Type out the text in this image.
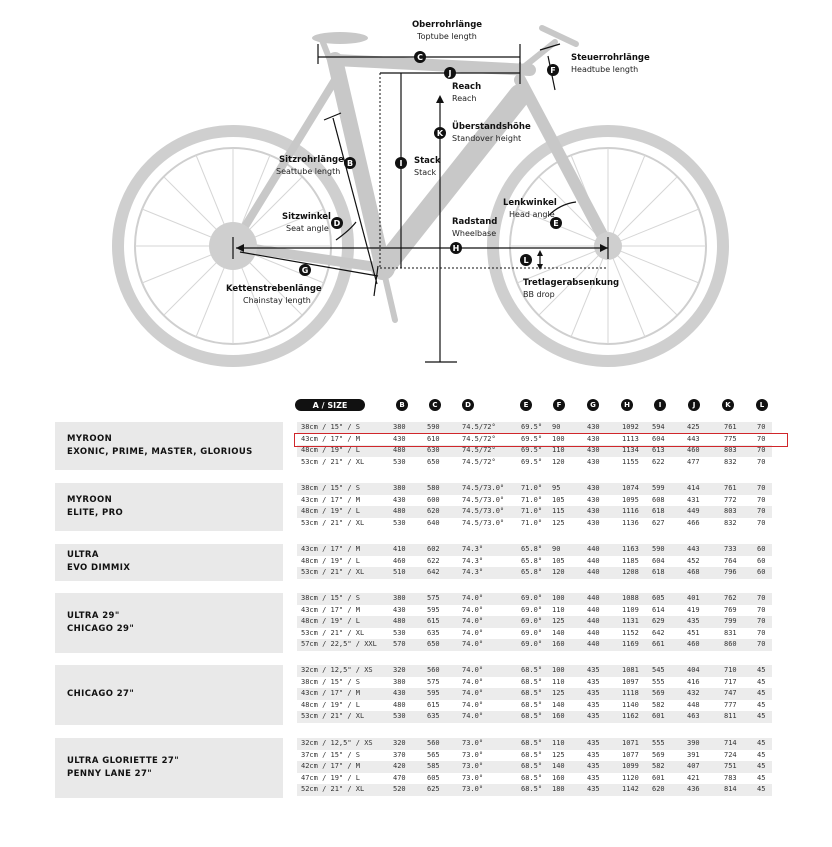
C
J	F
K
B	I
D	E
H
G
L
Oberrohrlänge
Toptube length
Steuerrohrlänge
Headtube length
Reach
Reach
Überstandshöhe
Standover height
Sitzrohrlänge
Seattube length
Stack
Stack
Lenkwinkel
Head angle
Sitzwinkel
Seat angle
Radstand
Wheelbase
Tretlagerabsenkung
BB drop
Kettenstrebenlänge
Chainstay length
A / SIZE	B	C	D	E	F	G	H	I	J	K	L
MYROON
EXONIC, PRIME, MASTER, GLORIOUS
38cm / 15" / S	380	590	74.5/72°	69.5° 90	430	1092 594	425	761	70
43cm / 17" / M	430	610	74.5/72°	69.5° 100	430	1113 604	443	775	70
48cm / 19" / L	480	630	74.5/72°	69.5° 110	430	1134 613	460	803	70
53cm / 21" / XL	530	650	74.5/72°	69.5° 120	430	1155 622	477	832	70
MYROON
ELITE, PRO
38cm / 15" / S	380	580	74.5/73.0° 71.0° 95	430	1074 599	414	761	70
43cm / 17" / M	430	600	74.5/73.0° 71.0° 105	430	1095 608	431	772	70
48cm / 19" / L	480	620	74.5/73.0° 71.0° 115	430	1116 618	449	803	70
53cm / 21" / XL	530	640	74.5/73.0° 71.0° 125	430	1136 627	466	832	70
ULTRA
EVO DIMMIX
43cm / 17" / M	410	602	74.3°	65.8° 90	440	1163 590	443	733	60
48cm / 19" / L	460	622	74.3°	65.8° 105	440	1185 604	452	764	60
53cm / 21" / XL	510	642	74.3°	65.8° 120	440	1208 618	468	796	60
ULTRA 29"
CHICAGO 29"
38cm / 15" / S	380	575	74.0°	69.0° 100	440	1088 605	401	762	70
43cm / 17" / M	430	595	74.0°	69.0° 110	440	1109 614	419	769	70
48cm / 19" / L	480	615	74.0°	69.0° 125	440	1131 629	435	799	70
53cm / 21" / XL	530	635	74.0°	69.0° 140	440	1152 642	451	831	70
57cm / 22,5" / XXL 570	650	74.0°	69.0° 160	440	1169 661	460	860	70
CHICAGO 27"
32cm / 12,5" / XS	320	560	74.0°	68.5° 100	435	1081 545	404	710	45
38cm / 15" / S	380	575	74.0°	68.5° 110	435	1097 555	416	717	45
43cm / 17" / M	430	595	74.0°	68.5° 125	435	1118 569	432	747	45
48cm / 19" / L	480	615	74.0°	68.5° 140	435	1140 582	448	777	45
53cm / 21" / XL	530	635	74.0°	68.5° 160	435	1162 601	463	811	45
ULTRA GLORIETTE 27"
PENNY LANE 27"
32cm / 12,5" / XS	320	560	73.0°	68.5° 110	435	1071 555	390	714	45
37cm / 15" / S	370	565	73.0°	68.5° 125	435	1077 569	391	724	45
42cm / 17" / M	420	585	73.0°	68.5° 140	435	1099 582	407	751	45
47cm / 19" / L	470	605	73.0°	68.5° 160	435	1120 601	421	783	45
52cm / 21" / XL	520	625	73.0°	68.5° 180	435	1142 620	436	814	45
